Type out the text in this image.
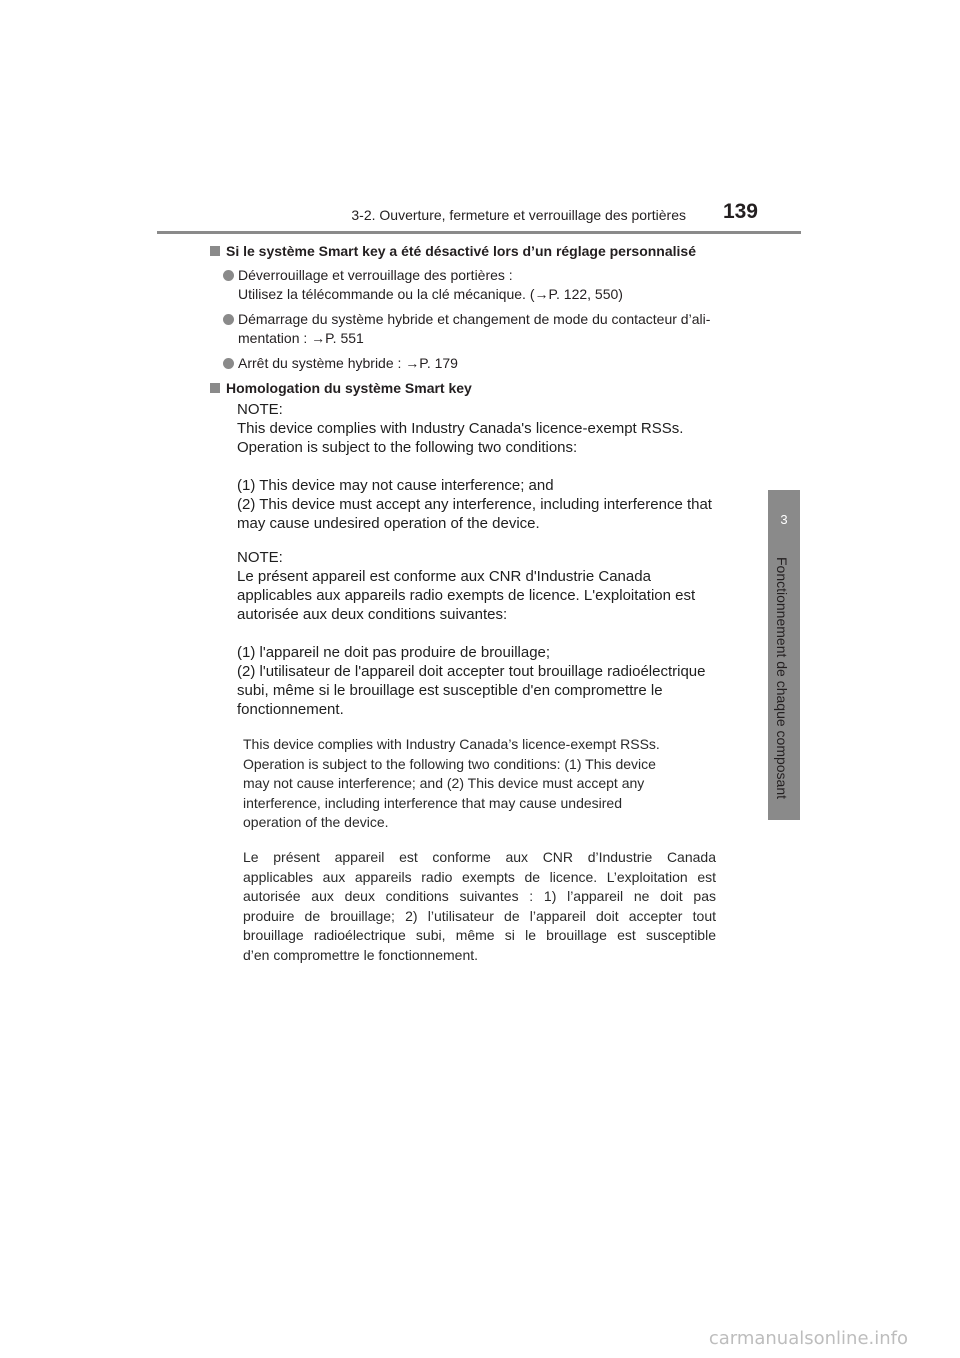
3-2. Ouverture, fermeture et verrouillage des portières 139
3
Fonctionnement de chaque composant
Si le système Smart key a été désactivé lors d’un réglage personnalisé
Déverrouillage et verrouillage des portières :
Utilisez la télécommande ou la clé mécanique. (→P. 122, 550)
Démarrage du système hybride et changement de mode du contacteur d’ali-
mentation : →P. 551
Arrêt du système hybride : →P. 179
Homologation du système Smart key
NOTE:
This device complies with Industry Canada's licence-exempt RSSs.
Operation is subject to the following two conditions:
(1) This device may not cause interference; and
(2) This device must accept any interference, including interference that
may cause undesired operation of the device.
NOTE:
Le présent appareil est conforme aux CNR d'Industrie Canada
applicables aux appareils radio exempts de licence. L'exploitation est
autorisée aux deux conditions suivantes:
(1) l'appareil ne doit pas produire de brouillage;
(2) l'utilisateur de l'appareil doit accepter tout brouillage radioélectrique
subi, même si le brouillage est susceptible d'en compromettre le
fonctionnement.
This device complies with Industry Canada’s licence-exempt RSSs.
Operation is subject to the following two conditions: (1) This device
may not cause interference; and (2) This device must accept any
interference, including interference that may cause undesired
operation of the device.
Le présent appareil est conforme aux CNR d’Industrie Canada
applicables aux appareils radio exempts de licence. L’exploitation est
autorisée aux deux conditions suivantes : 1) l’appareil ne doit pas
produire de brouillage; 2) l’utilisateur de l’appareil doit accepter tout
brouillage radioélectrique subi, même si le brouillage est susceptible
d’en compromettre le fonctionnement.
carmanualsonline.info
